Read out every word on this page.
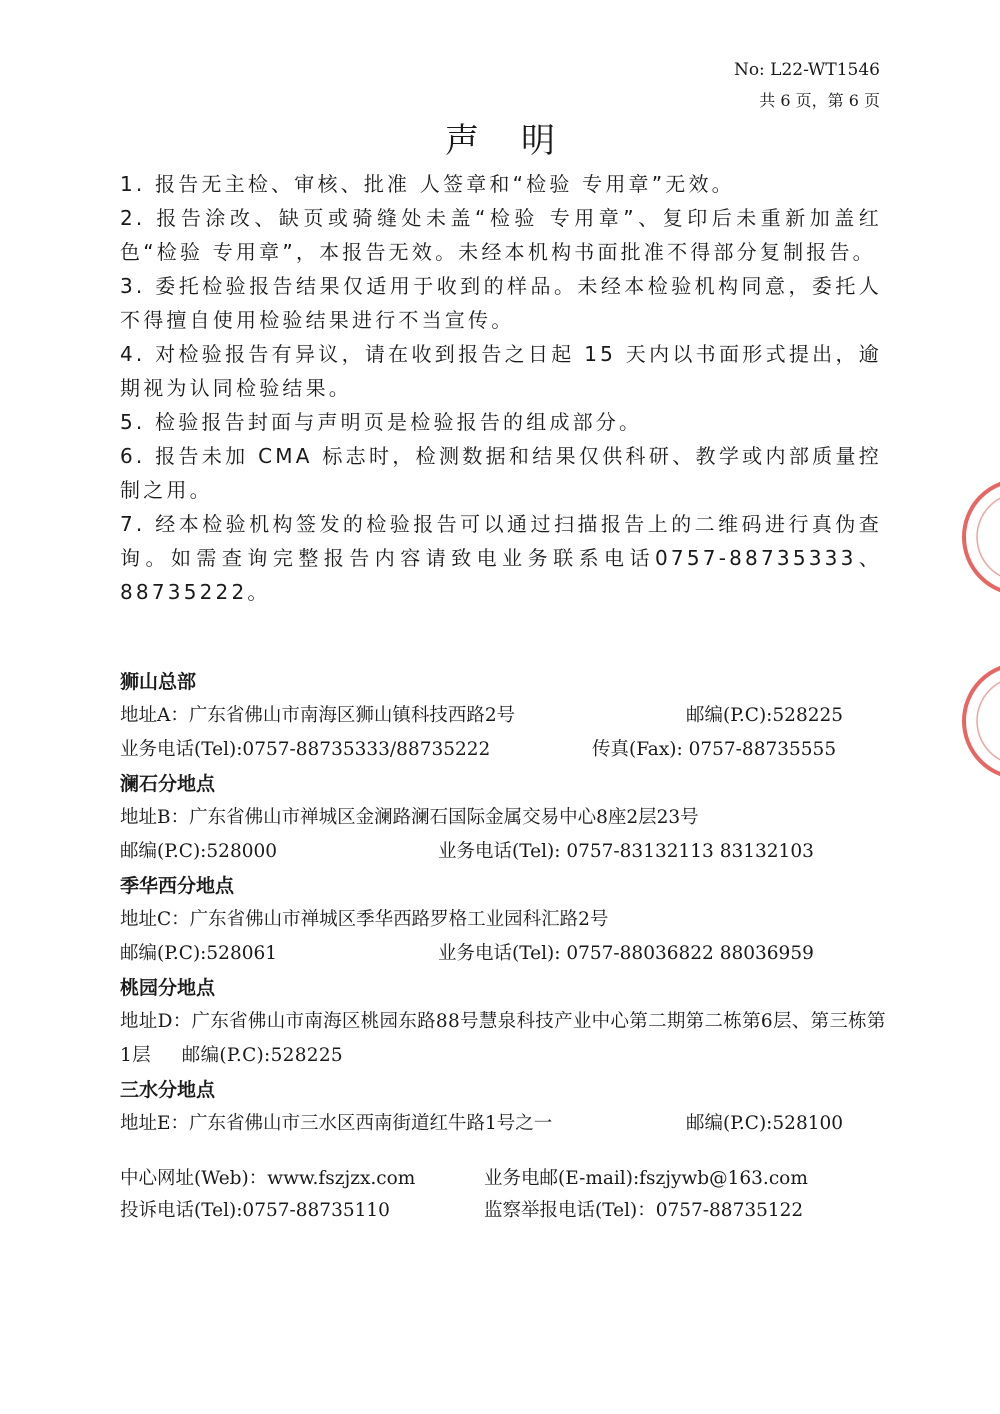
No: L22-WT1546
共 6 页，第 6 页
声明

1. 报告无主检、审核、批准 人签章和“检验 专用章”无效。

2. 报告涂改、缺页或骑缝处未盖“检验 专用章”、复印后未重新加盖红色“检验 专用章”，本报告无效。未经本机构书面批准不得部分复制报告。

3. 委托检验报告结果仅适用于收到的样品。未经本检验机构同意，委托人不得擅自使用检验结果进行不当宣传。

4. 对检验报告有异议，请在收到报告之日起 15 天内以书面形式提出，逾期视为认同检验结果。

5. 检验报告封面与声明页是检验报告的组成部分。

6. 报告未加 CMA 标志时，检测数据和结果仅供科研、教学或内部质量控制之用。

7. 经本检验机构签发的检验报告可以通过扫描报告上的二维码进行真伪查询。如需查询完整报告内容请致电业务联系电话0757-88735333、88735222。

狮山总部

地址A：广东省佛山市南海区狮山镇科技西路2号	邮编(P.C):528225

业务电话(Tel):0757-88735333/88735222	传真(Fax): 0757-88735555

澜石分地点

地址B：广东省佛山市禅城区金澜路澜石国际金属交易中心8座2层23号

邮编(P.C):528000	业务电话(Tel): 0757-83132113 83132103

季华西分地点

地址C：广东省佛山市禅城区季华西路罗格工业园科汇路2号

邮编(P.C):528061	业务电话(Tel): 0757-88036822 88036959

桃园分地点

地址D：广东省佛山市南海区桃园东路88号慧泉科技产业中心第二期第二栋第6层、第三栋第1层 邮编(P.C):528225

三水分地点

地址E：广东省佛山市三水区西南街道红牛路1号之一	邮编(P.C):528100

中心网址(Web)：www.fszjzx.com	业务电邮(E-mail):fszjywb@163.com

投诉电话(Tel):0757-88735110	监察举报电话(Tel)：0757-88735122
